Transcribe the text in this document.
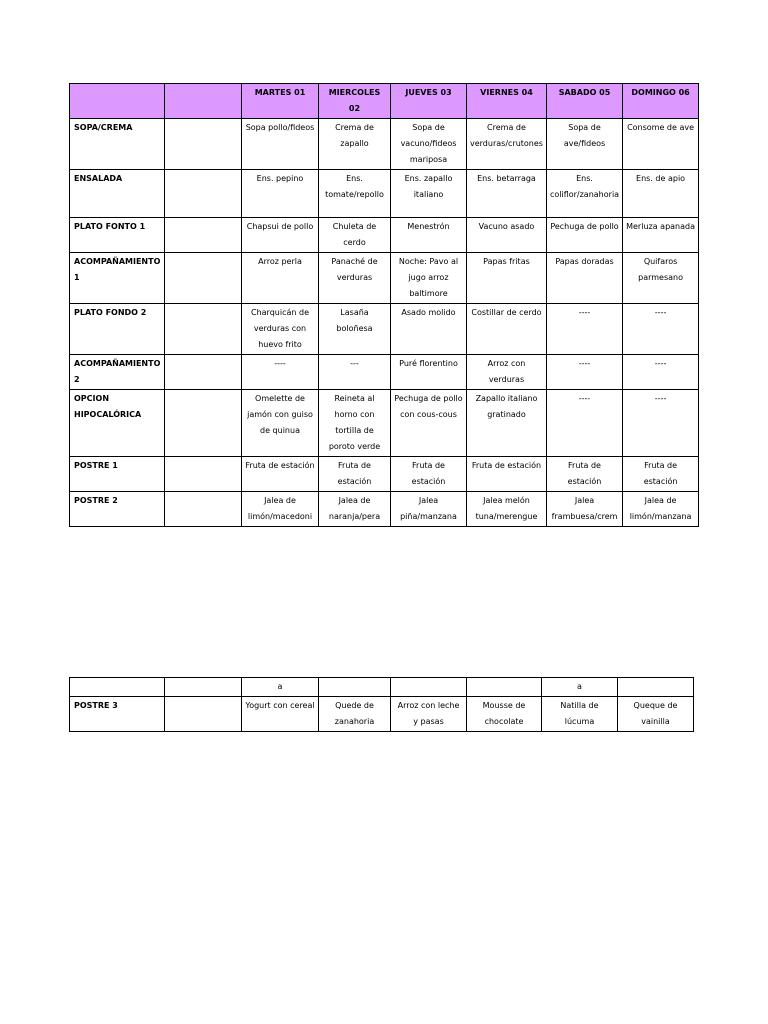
		MARTES 01	MIERCOLES 02	JUEVES 03	VIERNES 04	SABADO 05	DOMINGO 06
SOPA/CREMA		Sopa pollo/fideos	Crema de zapallo	Sopa de vacuno/fideos mariposa	Crema de verduras/crutones	Sopa de ave/fideos	Consome de ave
ENSALADA		Ens. pepino	Ens. tomate/repollo	Ens. zapallo italiano	Ens. betarraga	Ens. coliflor/zanahoria	Ens. de apio
PLATO FONTO 1		Chapsui de pollo	Chuleta de cerdo	Menestrón	Vacuno asado	Pechuga de pollo	Merluza apanada
ACOMPAÑAMIENTO 1		Arroz perla	Panaché de verduras	Noche: Pavo al jugo arroz baltimore	Papas fritas	Papas doradas	Quifaros parmesano
PLATO FONDO 2		Charquicán de verduras con huevo frito	Lasaña boloñesa	Asado molido	Costillar de cerdo	----	----
ACOMPAÑAMIENTO 2		----	---	Puré florentino	Arroz con verduras	----	----
OPCION HIPOCALÓRICA		Omelette de jamón con guiso de quinua	Reineta al horno con tortilla de poroto verde	Pechuga de pollo con cous-cous	Zapallo italiano gratinado	----	----
POSTRE 1		Fruta de estación	Fruta de estación	Fruta de estación	Fruta de estación	Fruta de estación	Fruta de estación
POSTRE 2		Jalea de limón/macedoni	Jalea de naranja/pera	Jalea piña/manzana	Jalea melón tuna/merengue	Jalea frambuesa/crem	Jalea de limón/manzana
		a				a	
POSTRE 3		Yogurt con cereal	Quede de zanahoria	Arroz con leche y pasas	Mousse de chocolate	Natilla de lúcuma	Queque de vainilla
